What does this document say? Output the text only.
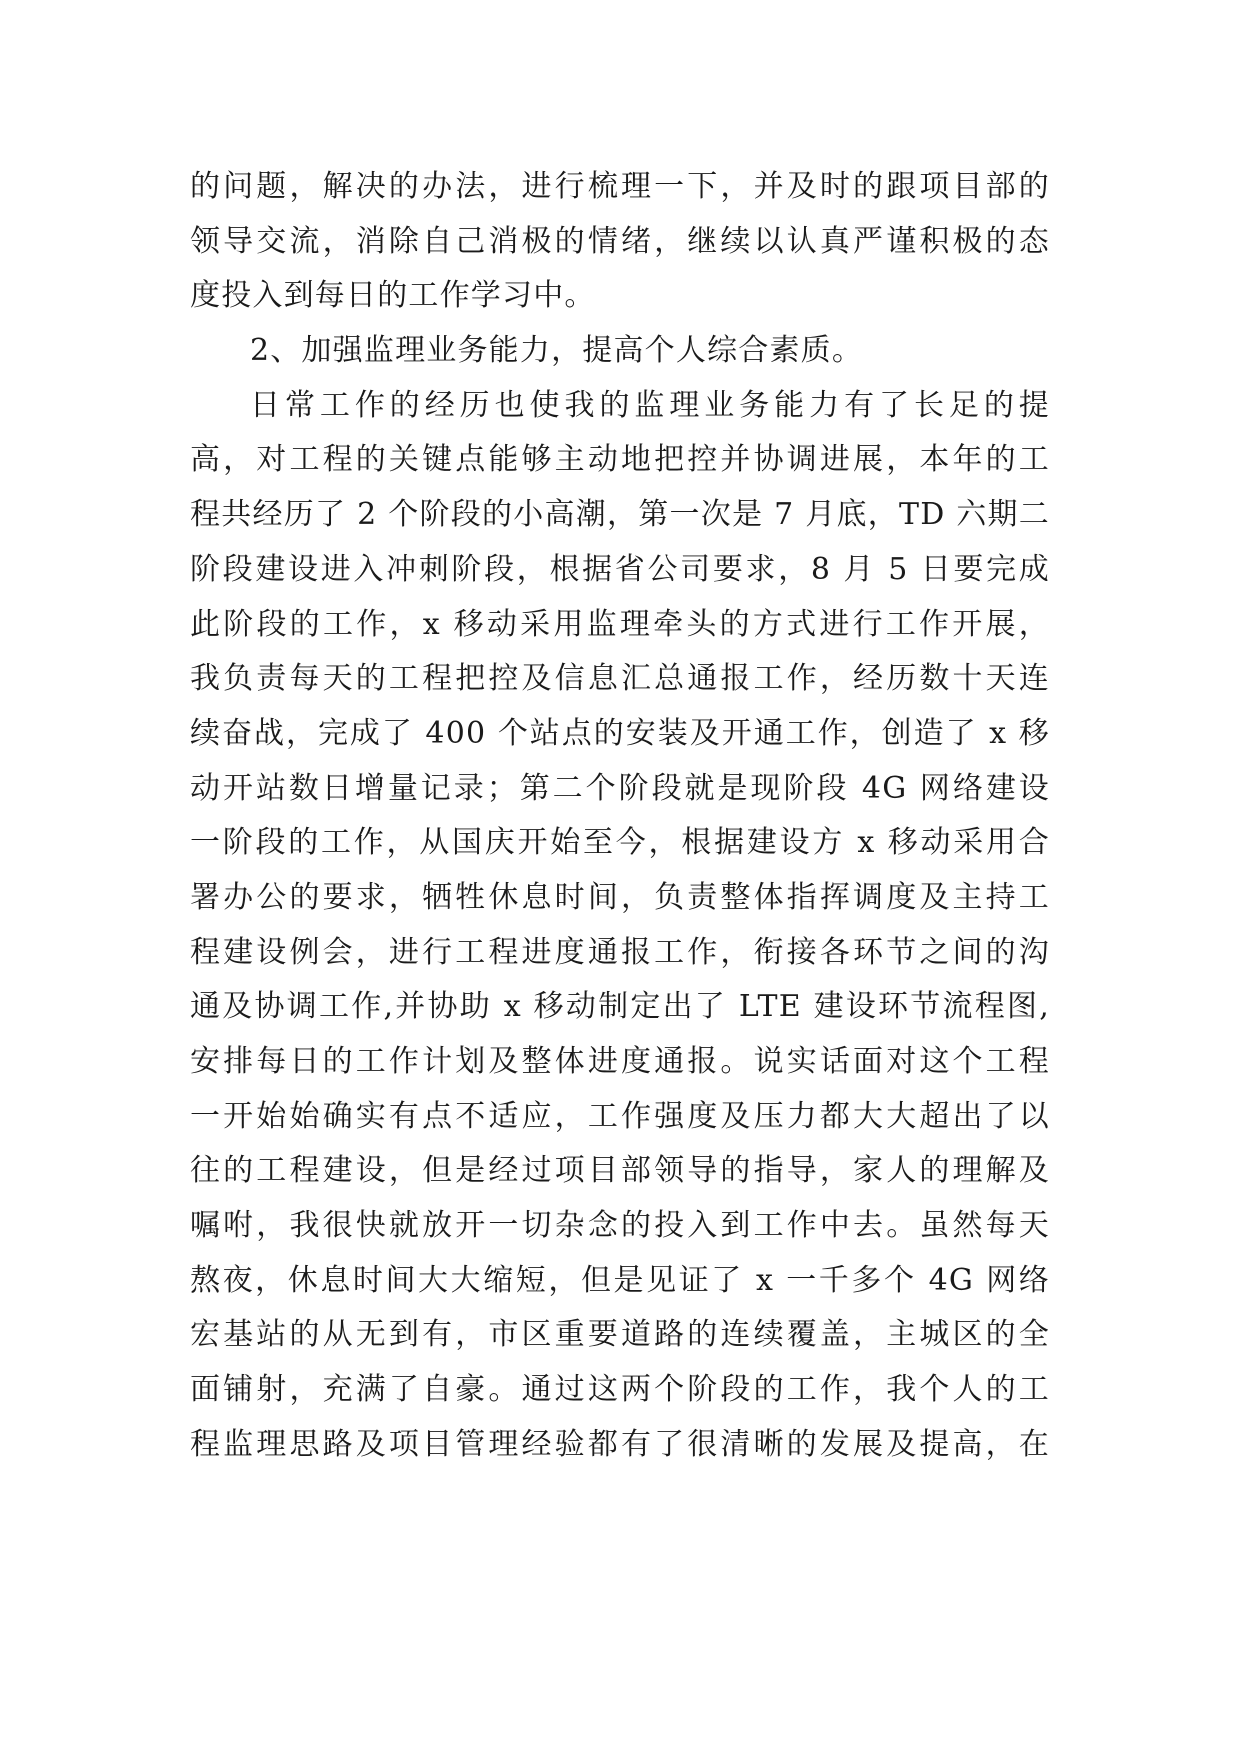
的问题，解决的办法，进行梳理一下，并及时的跟项目部的
领导交流，消除自己消极的情绪，继续以认真严谨积极的态
度投入到每日的工作学习中。
2、加强监理业务能力，提高个人综合素质。
日常工作的经历也使我的监理业务能力有了长足的提
高，对工程的关键点能够主动地把控并协调进展，本年的工
程共经历了 2 个阶段的小高潮，第一次是 7 月底，TD 六期二
阶段建设进入冲刺阶段，根据省公司要求，8 月 5 日要完成
此阶段的工作，x 移动采用监理牵头的方式进行工作开展，
我负责每天的工程把控及信息汇总通报工作，经历数十天连
续奋战，完成了 400 个站点的安装及开通工作，创造了 x 移
动开站数日增量记录；第二个阶段就是现阶段 4G 网络建设
一阶段的工作，从国庆开始至今，根据建设方 x 移动采用合
署办公的要求，牺牲休息时间，负责整体指挥调度及主持工
程建设例会，进行工程进度通报工作，衔接各环节之间的沟
通及协调工作,并协助 x 移动制定出了 LTE 建设环节流程图,
安排每日的工作计划及整体进度通报。说实话面对这个工程
一开始始确实有点不适应，工作强度及压力都大大超出了以
往的工程建设，但是经过项目部领导的指导，家人的理解及
嘱咐，我很快就放开一切杂念的投入到工作中去。虽然每天
熬夜，休息时间大大缩短，但是见证了 x 一千多个 4G 网络
宏基站的从无到有，市区重要道路的连续覆盖，主城区的全
面铺射，充满了自豪。通过这两个阶段的工作，我个人的工
程监理思路及项目管理经验都有了很清晰的发展及提高，在
